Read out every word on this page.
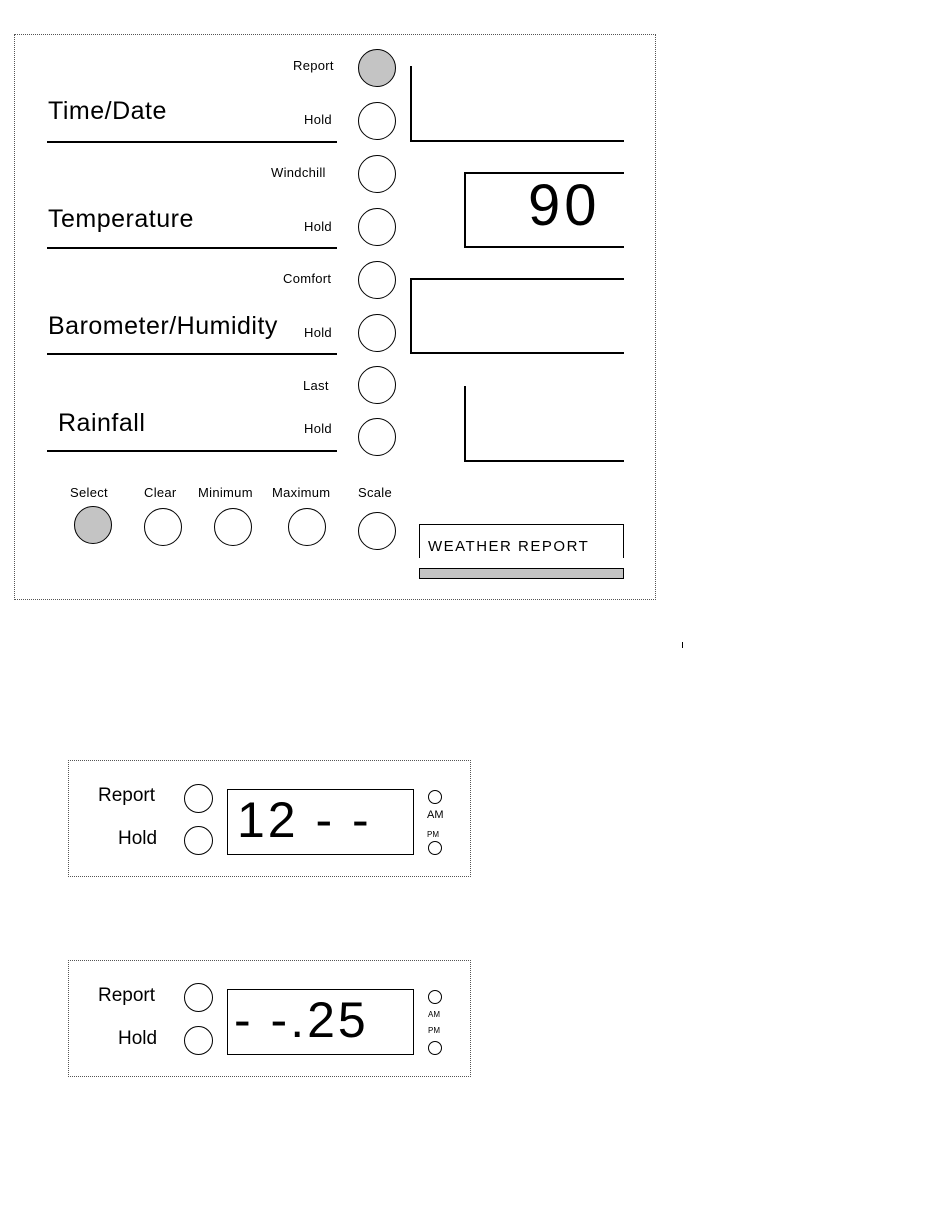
Report
Time/Date	Hold
Windchill
Temperature	Hold	90
Comfort
Barometer/Humidity Hold
Last
Rainfall	Hold
Select	Clear Minimum Maximum Scale
WEATHER REPORT
Report
Hold 12 - -	AM
PM
Report
Hold - -.25	AM
PM
